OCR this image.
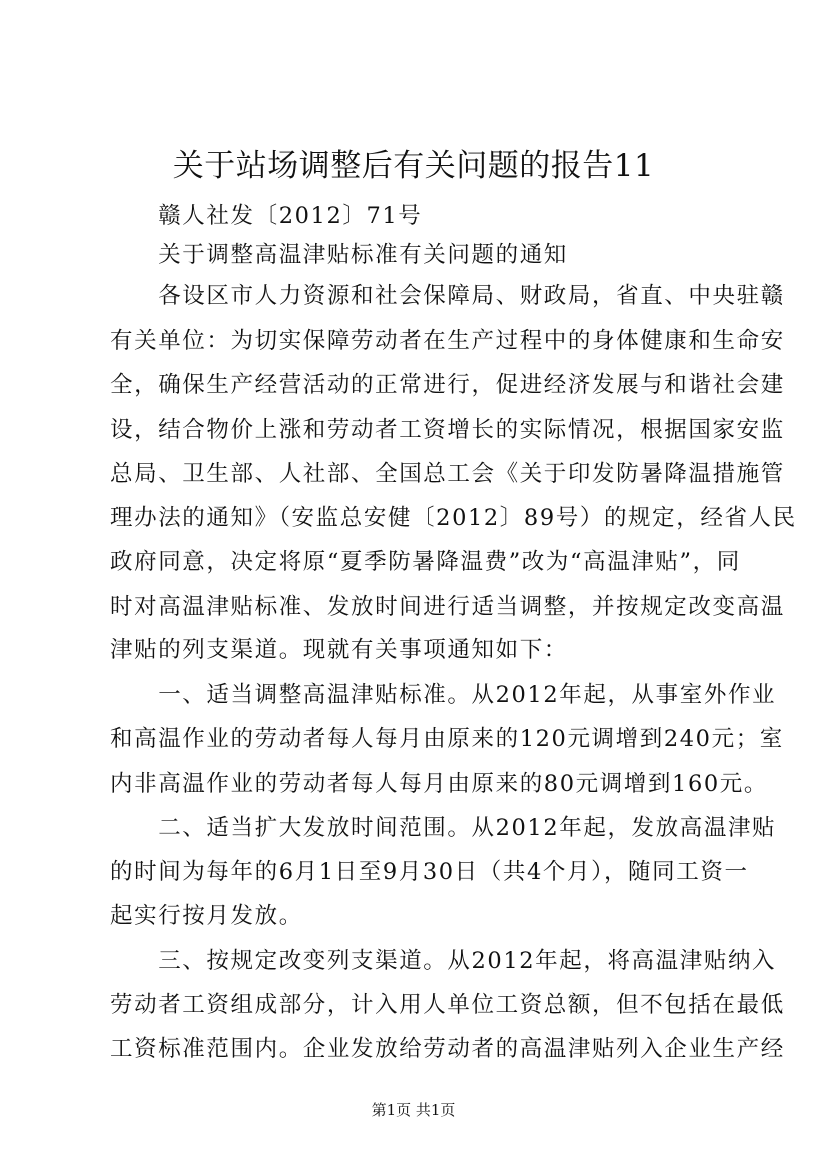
关于站场调整后有关问题的报告11
　　赣人社发〔2012〕71号
　　关于调整高温津贴标准有关问题的通知
　　各设区市人力资源和社会保障局、财政局，省直、中央驻赣
有关单位：为切实保障劳动者在生产过程中的身体健康和生命安
全，确保生产经营活动的正常进行，促进经济发展与和谐社会建
设，结合物价上涨和劳动者工资增长的实际情况，根据国家安监
总局、卫生部、人社部、全国总工会《关于印发防暑降温措施管
理办法的通知》（安监总安健〔2012〕89号）的规定，经省人民
政府同意，决定将原“夏季防暑降温费”改为“高温津贴”，同
时对高温津贴标准、发放时间进行适当调整，并按规定改变高温
津贴的列支渠道。现就有关事项通知如下：
　　一、适当调整高温津贴标准。从2012年起，从事室外作业
和高温作业的劳动者每人每月由原来的120元调增到240元；室
内非高温作业的劳动者每人每月由原来的80元调增到160元。
　　二、适当扩大发放时间范围。从2012年起，发放高温津贴
的时间为每年的6月1日至9月30日（共4个月），随同工资一
起实行按月发放。
　　三、按规定改变列支渠道。从2012年起，将高温津贴纳入
劳动者工资组成部分，计入用人单位工资总额，但不包括在最低
工资标准范围内。企业发放给劳动者的高温津贴列入企业生产经
第1页 共1页
